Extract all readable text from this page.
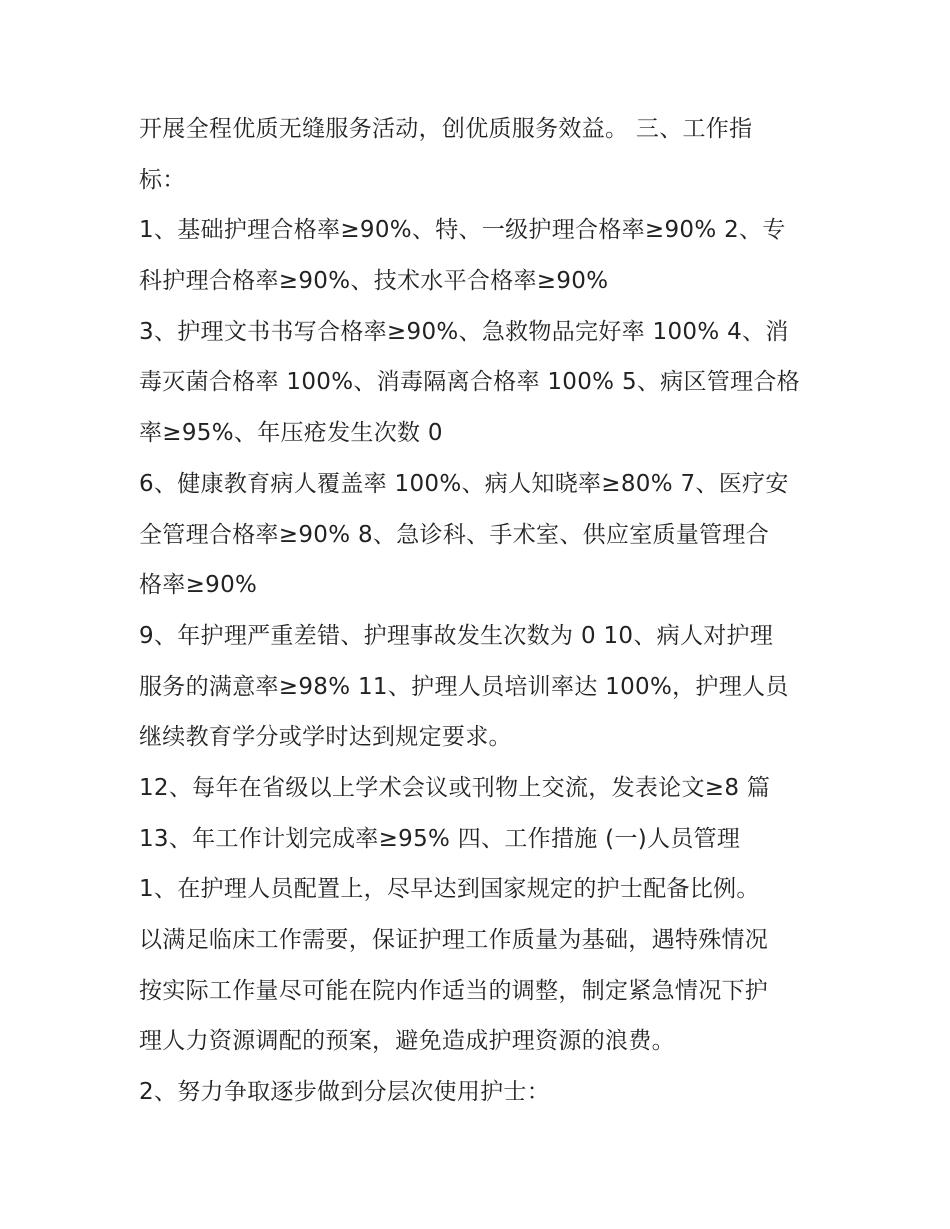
开展全程优质无缝服务活动，创优质服务效益。 三、工作指
标：
1、基础护理合格率≥90%、特、一级护理合格率≥90% 2、专
科护理合格率≥90%、技术水平合格率≥90%
3、护理文书书写合格率≥90%、急救物品完好率 100% 4、消
毒灭菌合格率 100%、消毒隔离合格率 100% 5、病区管理合格
率≥95%、年压疮发生次数 0
6、健康教育病人覆盖率 100%、病人知晓率≥80% 7、医疗安
全管理合格率≥90% 8、急诊科、手术室、供应室质量管理合
格率≥90%
9、年护理严重差错、护理事故发生次数为 0 10、病人对护理
服务的满意率≥98% 11、护理人员培训率达 100%，护理人员
继续教育学分或学时达到规定要求。
12、每年在省级以上学术会议或刊物上交流，发表论文≥8 篇
13、年工作计划完成率≥95% 四、工作措施 (一)人员管理
1、在护理人员配置上，尽早达到国家规定的护士配备比例。
以满足临床工作需要，保证护理工作质量为基础，遇特殊情况
按实际工作量尽可能在院内作适当的调整，制定紧急情况下护
理人力资源调配的预案，避免造成护理资源的浪费。
2、努力争取逐步做到分层次使用护士：
